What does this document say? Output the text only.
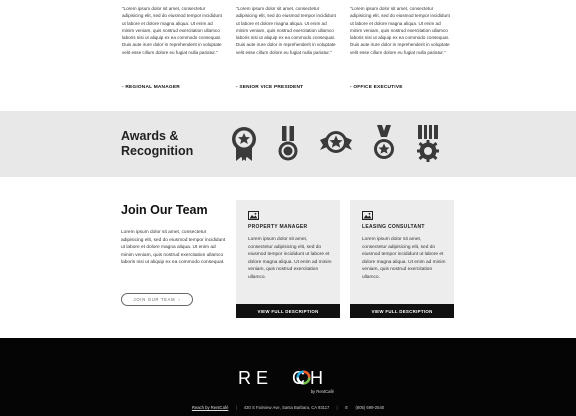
“Lorem ipsum dolor sit amet, consectetur adipisicing elit, sed do eiusmod tempor incididunt ut labore et dolore magna aliqua. Ut enim ad minim veniam, quis nostrud exercitation ullamco laboris nisi ut aliquip ex ea commodo consequat. Duis aute irure dolor in reprehenderit in voluptate velit esse cillum dolore eu fugiat nulla pariatur.”

- REGIONAL MANAGER

“Lorem ipsum dolor sit amet, consectetur adipisicing elit, sed do eiusmod tempor incididunt ut labore et dolore magna aliqua. Ut enim ad minim veniam, quis nostrud exercitation ullamco laboris nisi ut aliquip ex ea commodo consequat. Duis aute irure dolor in reprehenderit in voluptate velit esse cillum dolore eu fugiat nulla pariatur.”

- SENIOR VICE PRESIDENT

“Lorem ipsum dolor sit amet, consectetur adipisicing elit, sed do eiusmod tempor incididunt ut labore et dolore magna aliqua. Ut enim ad minim veniam, quis nostrud exercitation ullamco laboris nisi ut aliquip ex ea commodo consequat. Duis aute irure dolor in reprehenderit in voluptate velit esse cillum dolore eu fugiat nulla pariatur.”

- OFFICE EXECUTIVE
Awards &
Recognition
Join Our Team

Lorem ipsum dolor sit amet, consectetur adipisicing elit, sed do eiusmod tempor incididunt ut labore et dolore magna aliqua. Ut enim ad minim veniam, quis nostrud exercitation ullamco laboris nisi ut aliquip ex ea commodo consequat.

JOIN OUR TEAM ›
PROPERTY MANAGER

Lorem ipsum dolor sit amet, consectetur adipisicing elit, sed do eiusmod tempor incididunt ut labore et dolore magna aliqua. Ut enim ad minim veniam, quis nostrud exercitation ullamco.

VIEW FULL DESCRIPTION
LEASING CONSULTANT

Lorem ipsum dolor sit amet, consectetur adipisicing elit, sed do eiusmod tempor incididunt ut labore et dolore magna aliqua. Ut enim ad minim veniam, quis nostrud exercitation ullamco.

VIEW FULL DESCRIPTION
RE CH
by RentCafé
Reach by RentCafé | 430 S Fairview Ave, Santa Barbara, CA 93117 | ✆ (805) 699-2540
